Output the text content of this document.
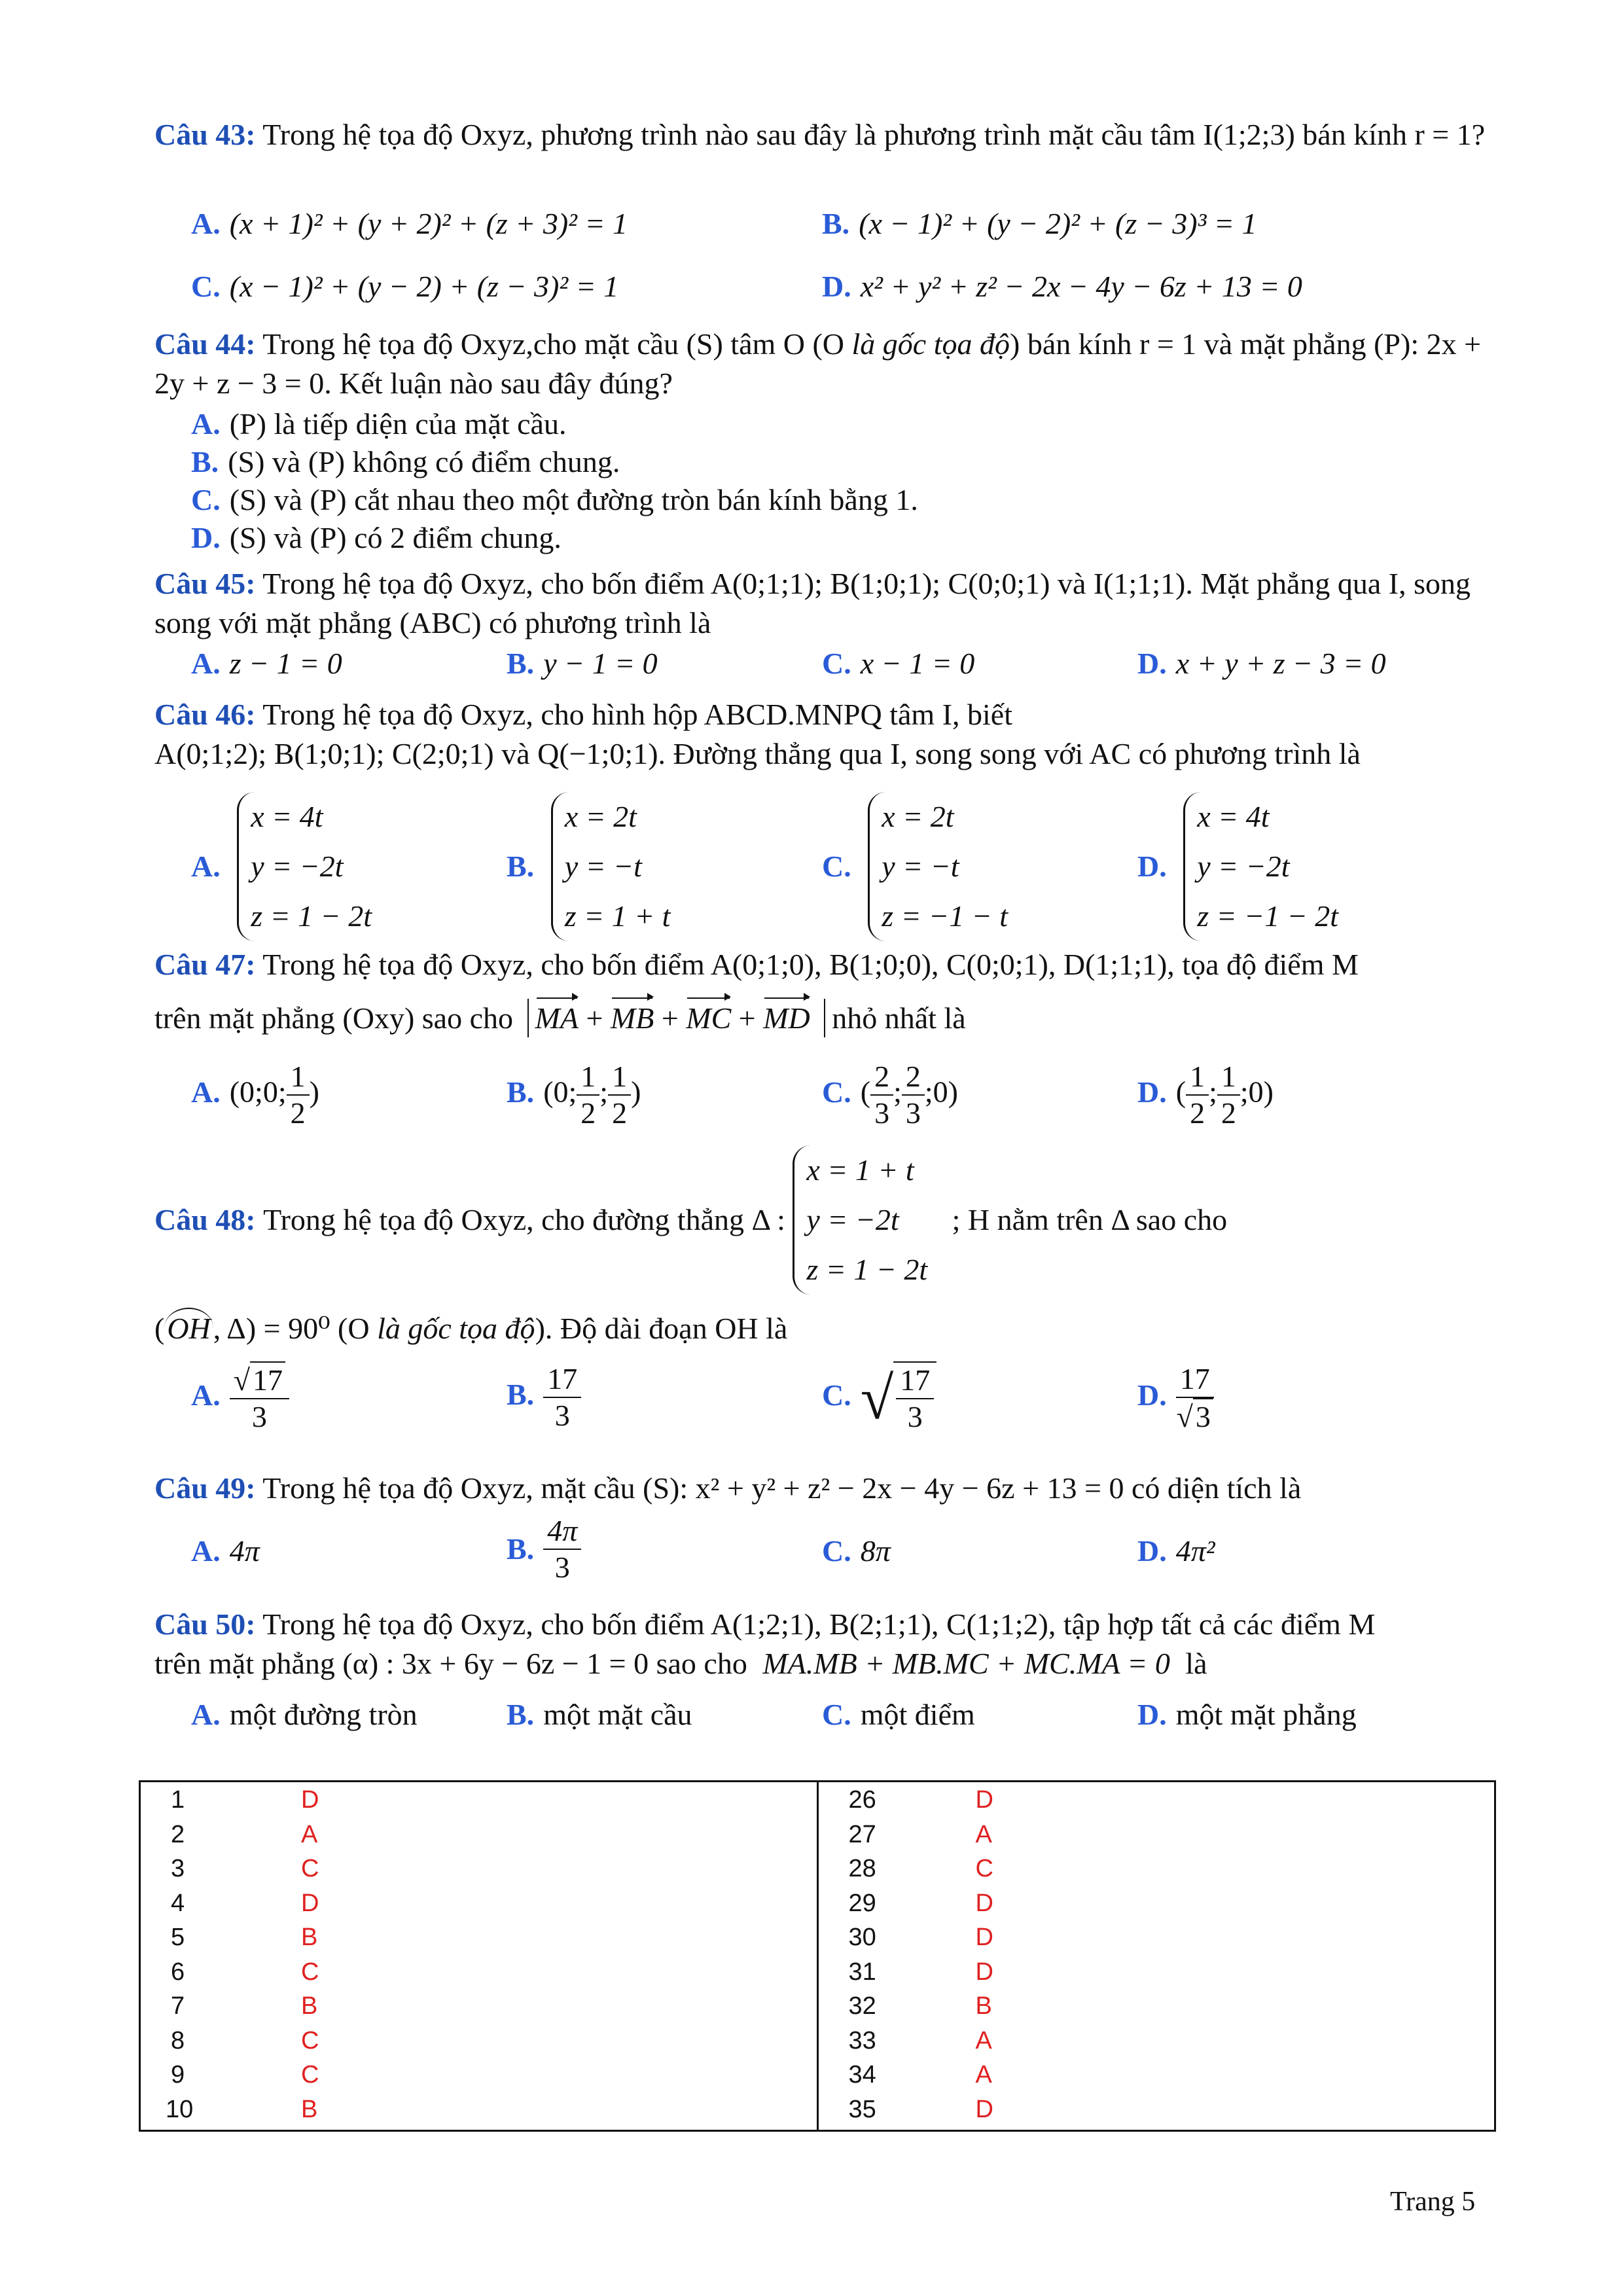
Câu 43: Trong hệ tọa độ Oxyz, phương trình nào sau đây là phương trình mặt cầu tâm I(1;2;3) bán kính r = 1?
A. (x + 1)² + (y + 2)² + (z + 3)² = 1	B. (x − 1)² + (y − 2)² + (z − 3)³ = 1
C. (x − 1)² + (y − 2) + (z − 3)² = 1	D. x² + y² + z² − 2x − 4y − 6z + 13 = 0
Câu 44: Trong hệ tọa độ Oxyz,cho mặt cầu (S) tâm O (O là gốc tọa độ) bán kính r = 1 và mặt phẳng (P): 2x + 2y + z − 3 = 0. Kết luận nào sau đây đúng?
A. (P) là tiếp diện của mặt cầu.
B. (S) và (P) không có điểm chung.
C. (S) và (P) cắt nhau theo một đường tròn bán kính bằng 1.
D. (S) và (P) có 2 điểm chung.
Câu 45: Trong hệ tọa độ Oxyz, cho bốn điểm A(0;1;1); B(1;0;1); C(0;0;1) và I(1;1;1). Mặt phẳng qua I, song song với mặt phẳng (ABC) có phương trình là
A. z − 1 = 0	B. y − 1 = 0	C. x − 1 = 0	D. x + y + z − 3 = 0
Câu 46: Trong hệ tọa độ Oxyz, cho hình hộp ABCD.MNPQ tâm I, biết
A(0;1;2); B(1;0;1); C(2;0;1) và Q(−1;0;1). Đường thẳng qua I, song song với AC có phương trình là
A.
x = 4t
y = −2t
z = 1 − 2t
B.
x = 2t
y = −t
z = 1 + t
C.
x = 2t
y = −t
z = −1 − t
D.
x = 4t
y = −2t
z = −1 − 2t
Câu 47: Trong hệ tọa độ Oxyz, cho bốn điểm A(0;1;0), B(1;0;0), C(0;0;1), D(1;1;1), tọa độ điểm M
trên mặt phẳng (Oxy) sao cho MA + MB + MC + MD nhỏ nhất là
A. (0;0; $\frac{1}{2}$ )	B. (0; $\frac{1}{2}$ ; $\frac{1}{2}$ )	C. ( $\frac{2}{3}$ ; $\frac{2}{3}$ ;0)	D. ( $\frac{1}{2}$ ; $\frac{1}{2}$ ;0)
Câu 48: Trong hệ tọa độ Oxyz, cho đường thẳng Δ :
x = 1 + t
y = −2t
z = 1 − 2t
; H nằm trên Δ sao cho
(OH, Δ) = 90⁰ (O là gốc tọa độ). Độ dài đoạn OH là
A. $\frac{√17}{3}$	B. $\frac{17}{3}$	C. √ $\frac{17}{3}$	D. $\frac{17}{√3}$
Câu 49: Trong hệ tọa độ Oxyz, mặt cầu (S): x² + y² + z² − 2x − 4y − 6z + 13 = 0 có diện tích là
A. 4π	B. $\frac{4\pi}{3}$	C. 8π	D. 4π²
Câu 50: Trong hệ tọa độ Oxyz, cho bốn điểm A(1;2;1), B(2;1;1), C(1;1;2), tập hợp tất cả các điểm M
trên mặt phẳng (α) : 3x + 6y − 6z − 1 = 0 sao cho MA.MB + MB.MC + MC.MA = 0 là
A. một đường tròn	B. một mặt cầu	C. một điểm	D. một mặt phẳng
1	D
2	A
3	C
4	D
5	B
6	C
7	B
8	C
9	C
10	B

26	D
27	A
28	C
29	D
30	D
31	D
32	B
33	A
34	A
35	D
Trang 5
